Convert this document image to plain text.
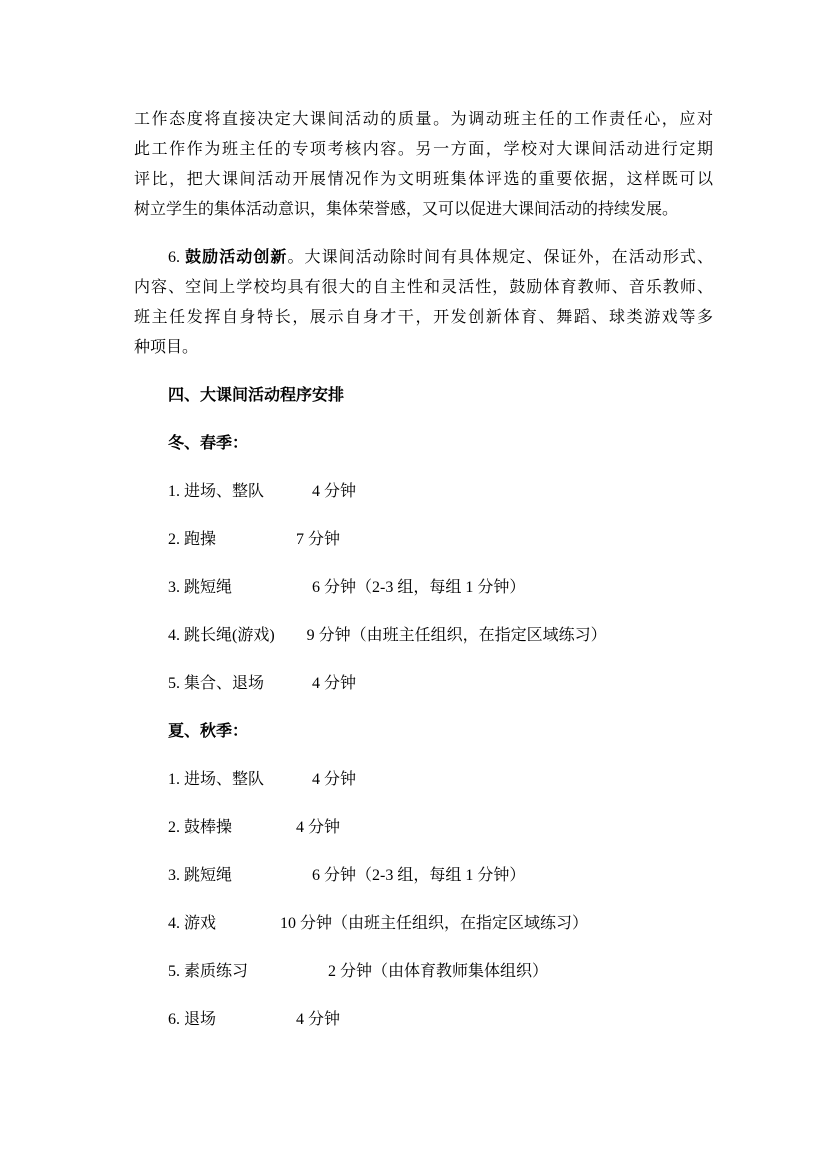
工作态度将直接决定大课间活动的质量。为调动班主任的工作责任心，应对
此工作作为班主任的专项考核内容。另一方面，学校对大课间活动进行定期
评比，把大课间活动开展情况作为文明班集体评选的重要依据，这样既可以
树立学生的集体活动意识，集体荣誉感，又可以促进大课间活动的持续发展。
6. 鼓励活动创新。大课间活动除时间有具体规定、保证外，在活动形式、
内容、空间上学校均具有很大的自主性和灵活性，鼓励体育教师、音乐教师、
班主任发挥自身特长，展示自身才干，开发创新体育、舞蹈、球类游戏等多
种项目。
四、大课间活动程序安排
冬、春季：
1. 进场、整队　　　4 分钟
2. 跑操　　　　　7 分钟
3. 跳短绳　　　　　6 分钟（2-3 组，每组 1 分钟）
4. 跳长绳(游戏)　　9 分钟（由班主任组织，在指定区域练习）
5. 集合、退场　　　4 分钟
夏、秋季：
1. 进场、整队　　　4 分钟
2. 鼓棒操　　　　4 分钟
3. 跳短绳　　　　　6 分钟（2-3 组，每组 1 分钟）
4. 游戏　　　　10 分钟（由班主任组织，在指定区域练习）
5. 素质练习　　　　　2 分钟（由体育教师集体组织）
6. 退场　　　　　4 分钟
